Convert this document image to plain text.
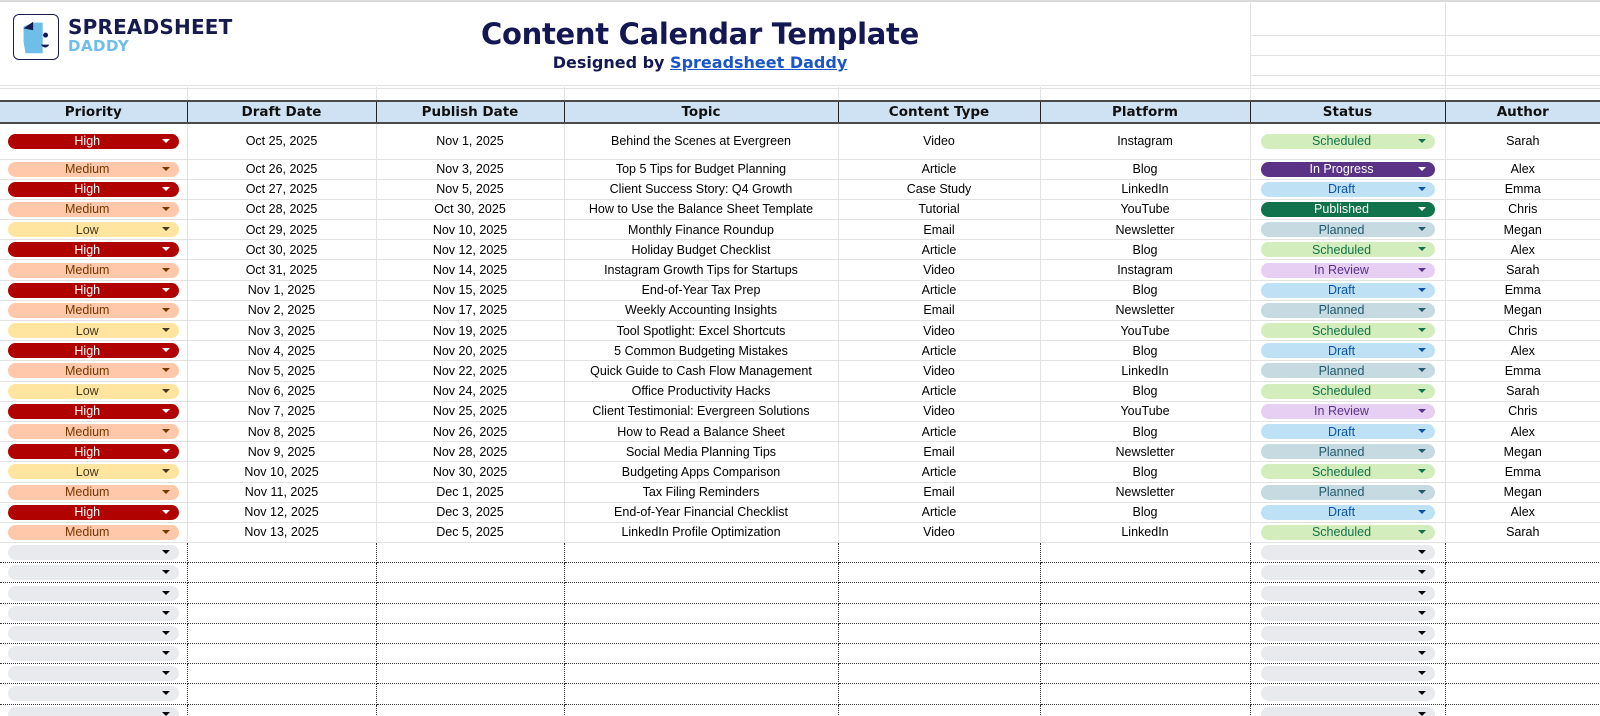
SPREADSHEET
DADDY	Content Calendar Template
Designed by Spreadsheet Daddy
Priority	Draft Date	Publish Date	Topic	Content Type	Platform	Status	Author

High	Oct 25, 2025	Nov 1, 2025	Behind the Scenes at Evergreen	Video	Instagram	Scheduled	Sarah

Medium	Oct 26, 2025	Nov 3, 2025	Top 5 Tips for Budget Planning	Article	Blog	In Progress	Alex

High	Oct 27, 2025	Nov 5, 2025	Client Success Story: Q4 Growth	Case Study	LinkedIn	Draft	Emma

Medium	Oct 28, 2025	Oct 30, 2025	How to Use the Balance Sheet Template	Tutorial	YouTube	Published	Chris

Low	Oct 29, 2025	Nov 10, 2025	Monthly Finance Roundup	Email	Newsletter	Planned	Megan

High	Oct 30, 2025	Nov 12, 2025	Holiday Budget Checklist	Article	Blog	Scheduled	Alex

Medium	Oct 31, 2025	Nov 14, 2025	Instagram Growth Tips for Startups	Video	Instagram	In Review	Sarah

High	Nov 1, 2025	Nov 15, 2025	End-of-Year Tax Prep	Article	Blog	Draft	Emma

Medium	Nov 2, 2025	Nov 17, 2025	Weekly Accounting Insights	Email	Newsletter	Planned	Megan

Low	Nov 3, 2025	Nov 19, 2025	Tool Spotlight: Excel Shortcuts	Video	YouTube	Scheduled	Chris

High	Nov 4, 2025	Nov 20, 2025	5 Common Budgeting Mistakes	Article	Blog	Draft	Alex

Medium	Nov 5, 2025	Nov 22, 2025	Quick Guide to Cash Flow Management	Video	LinkedIn	Planned	Emma

Low	Nov 6, 2025	Nov 24, 2025	Office Productivity Hacks	Article	Blog	Scheduled	Sarah

High	Nov 7, 2025	Nov 25, 2025	Client Testimonial: Evergreen Solutions	Video	YouTube	In Review	Chris

Medium	Nov 8, 2025	Nov 26, 2025	How to Read a Balance Sheet	Article	Blog	Draft	Alex

High	Nov 9, 2025	Nov 28, 2025	Social Media Planning Tips	Email	Newsletter	Planned	Megan

Low	Nov 10, 2025	Nov 30, 2025	Budgeting Apps Comparison	Article	Blog	Scheduled	Emma

Medium	Nov 11, 2025	Dec 1, 2025	Tax Filing Reminders	Email	Newsletter	Planned	Megan

High	Nov 12, 2025	Dec 3, 2025	End-of-Year Financial Checklist	Article	Blog	Draft	Alex

Medium	Nov 13, 2025	Dec 5, 2025	LinkedIn Profile Optimization	Video	LinkedIn	Scheduled	Sarah
